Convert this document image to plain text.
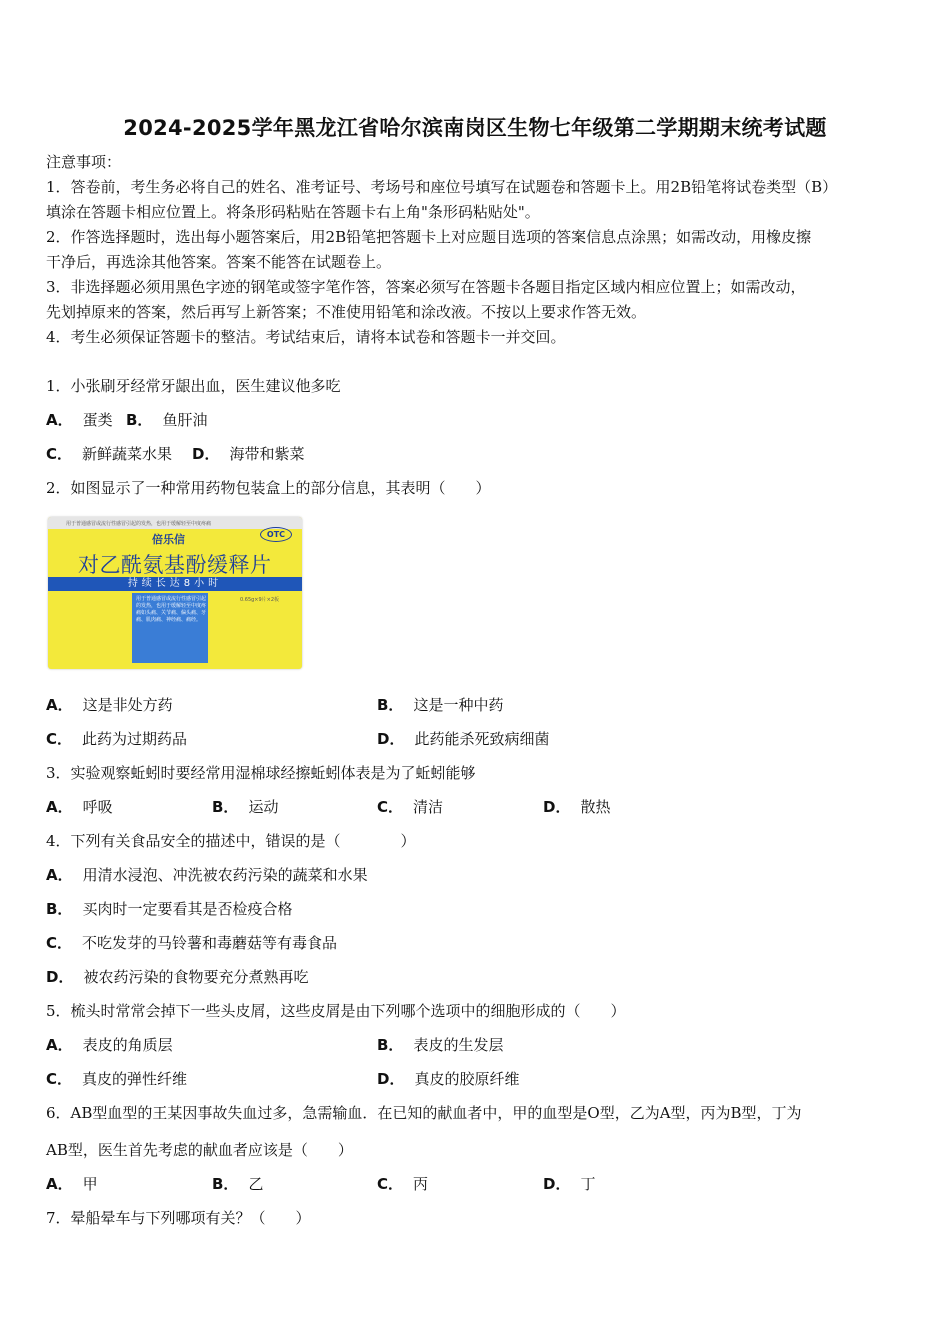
2024-2025学年黑龙江省哈尔滨南岗区生物七年级第二学期期末统考试题
注意事项：
1．答卷前，考生务必将自己的姓名、准考证号、考场号和座位号填写在试题卷和答题卡上。用2B铅笔将试卷类型（B）
填涂在答题卡相应位置上。将条形码粘贴在答题卡右上角"条形码粘贴处"。
2．作答选择题时，选出每小题答案后，用2B铅笔把答题卡上对应题目选项的答案信息点涂黑；如需改动，用橡皮擦
干净后，再选涂其他答案。答案不能答在试题卷上。
3．非选择题必须用黑色字迹的钢笔或签字笔作答，答案必须写在答题卡各题目指定区域内相应位置上；如需改动，
先划掉原来的答案，然后再写上新答案；不准使用铅笔和涂改液。不按以上要求作答无效。
4．考生必须保证答题卡的整洁。考试结束后，请将本试卷和答题卡一并交回。
1．小张刷牙经常牙龈出血，医生建议他多吃
A． 蛋类 B． 鱼肝油
C． 新鲜蔬菜水果 D． 海带和紫菜
2．如图显示了一种常用药物包装盒上的部分信息，其表明（　　）
用于普通感冒或流行性感冒引起的发热，也用于缓解轻至中度疼痛
倍乐信	OTC
对乙酰氨基酚缓释片
持续长达8小时
用于普通感冒或流行性感冒引起的发热，也用于缓解轻至中度疼痛如头痛、关节痛、偏头痛、牙痛、肌肉痛、神经痛、痛经。
0.65g×9片×2板
A． 这是非处方药	B． 这是一种中药
C． 此药为过期药品	D． 此药能杀死致病细菌
3．实验观察蚯蚓时要经常用湿棉球经擦蚯蚓体表是为了蚯蚓能够
A． 呼吸	B． 运动	C． 清洁	D． 散热
4．下列有关食品安全的描述中，错误的是（　　　　）
A． 用清水浸泡、冲洗被农药污染的蔬菜和水果
B． 买肉时一定要看其是否检疫合格
C． 不吃发芽的马铃薯和毒蘑菇等有毒食品
D． 被农药污染的食物要充分煮熟再吃
5．梳头时常常会掉下一些头皮屑，这些皮屑是由下列哪个选项中的细胞形成的（　　）
A． 表皮的角质层	B． 表皮的生发层
C． 真皮的弹性纤维	D． 真皮的胶原纤维
6．AB型血型的王某因事故失血过多，急需输血．在已知的献血者中，甲的血型是O型，乙为A型，丙为B型，丁为
AB型，医生首先考虑的献血者应该是（　　）
A． 甲	B． 乙	C． 丙	D． 丁
7．晕船晕车与下列哪项有关？（　　）
